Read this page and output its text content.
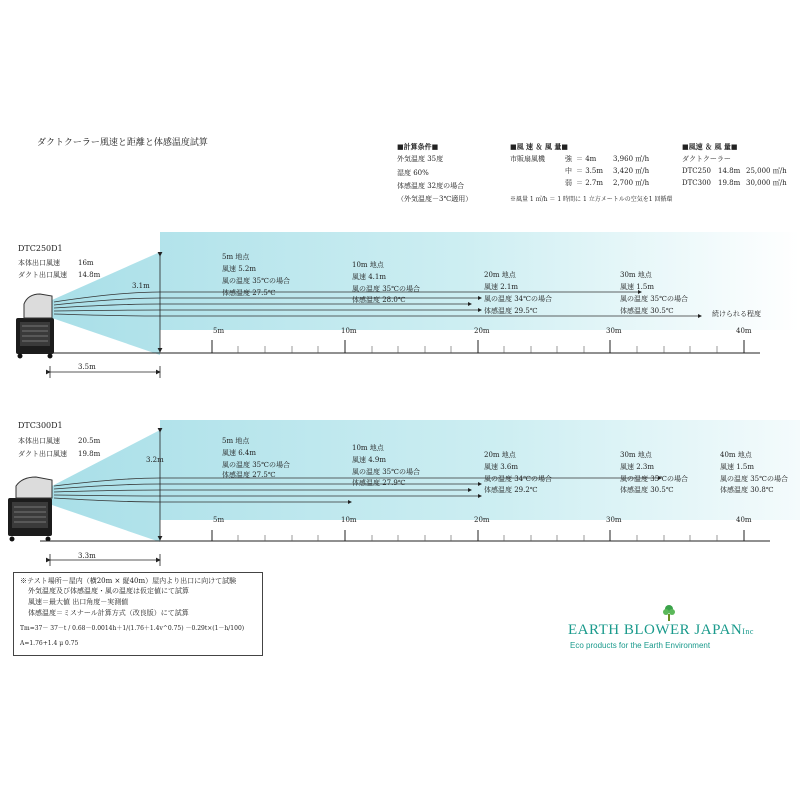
ダクトクーラー風速と距離と体感温度試算	■計算条件■
外気温度 35度
湿度 60%
体感温度 32度の場合
（外気温度－3℃適用）
■風 速 ＆ 風 量■
市販扇風機	強 ＝ 4m 3,960 ㎥/h
中 ＝ 3.5m 3,420 ㎥/h
弱 ＝ 2.7m 2,700 ㎥/h
■風速 ＆ 風 量■
ダクトクーラー
DTC250 14.8m 25,000 ㎥/h
DTC300 19.8m 30,000 ㎥/h
※風量 1 ㎥/h ＝ 1 時間に 1 立方メートルの空気を1 回循環
DTC250D1
本体出口風速	16m
ダクト出口風速 14.8m
3.1m
3.5m
5m 地点
風速 5.2m
風の温度 35℃の場合
体感温度 27.5℃
10m 地点
風速 4.1m
風の温度 35℃の場合
体感温度 28.0℃
20m 地点
風速 2.1m
風の温度 34℃の場合
体感温度 29.5℃
30m 地点
風速 1.5m
風の温度 35℃の場合
体感温度 30.5℃	続けられる程度
5m	10m	20m	30m	40m
DTC300D1
本体出口風速	20.5m
ダクト出口風速 19.8m
3.2m
3.3m
5m 地点
風速 6.4m
風の温度 35℃の場合
体感温度 27.5℃
10m 地点
風速 4.9m
風の温度 35℃の場合
体感温度 27.9℃
20m 地点
風速 3.6m
風の温度 34℃の場合
体感温度 29.2℃
30m 地点
風速 2.3m
風の温度 35℃の場合
体感温度 30.5℃
40m 地点
風速 1.5m
風の温度 35℃の場合
体感温度 30.8℃
5m	10m	20m	30m	40m
※テスト場所－屋内（横20m × 縦40m）屋内より出口に向けて試験
外気温度及び体感温度・風の温度は仮定値にて試算
風速＝最大値 出口角度－実測値
体感温度＝ミスナール計算方式（改良版）にて試算
Tm=37－ 37－t / 0.68－0.0014h＋1/(1.76＋1.4v^0.75) －0.29t×(1－h/100)
A=1.76+1.4 μ 0.75
EARTH BLOWER JAPANInc
Eco products for the Earth Environment
